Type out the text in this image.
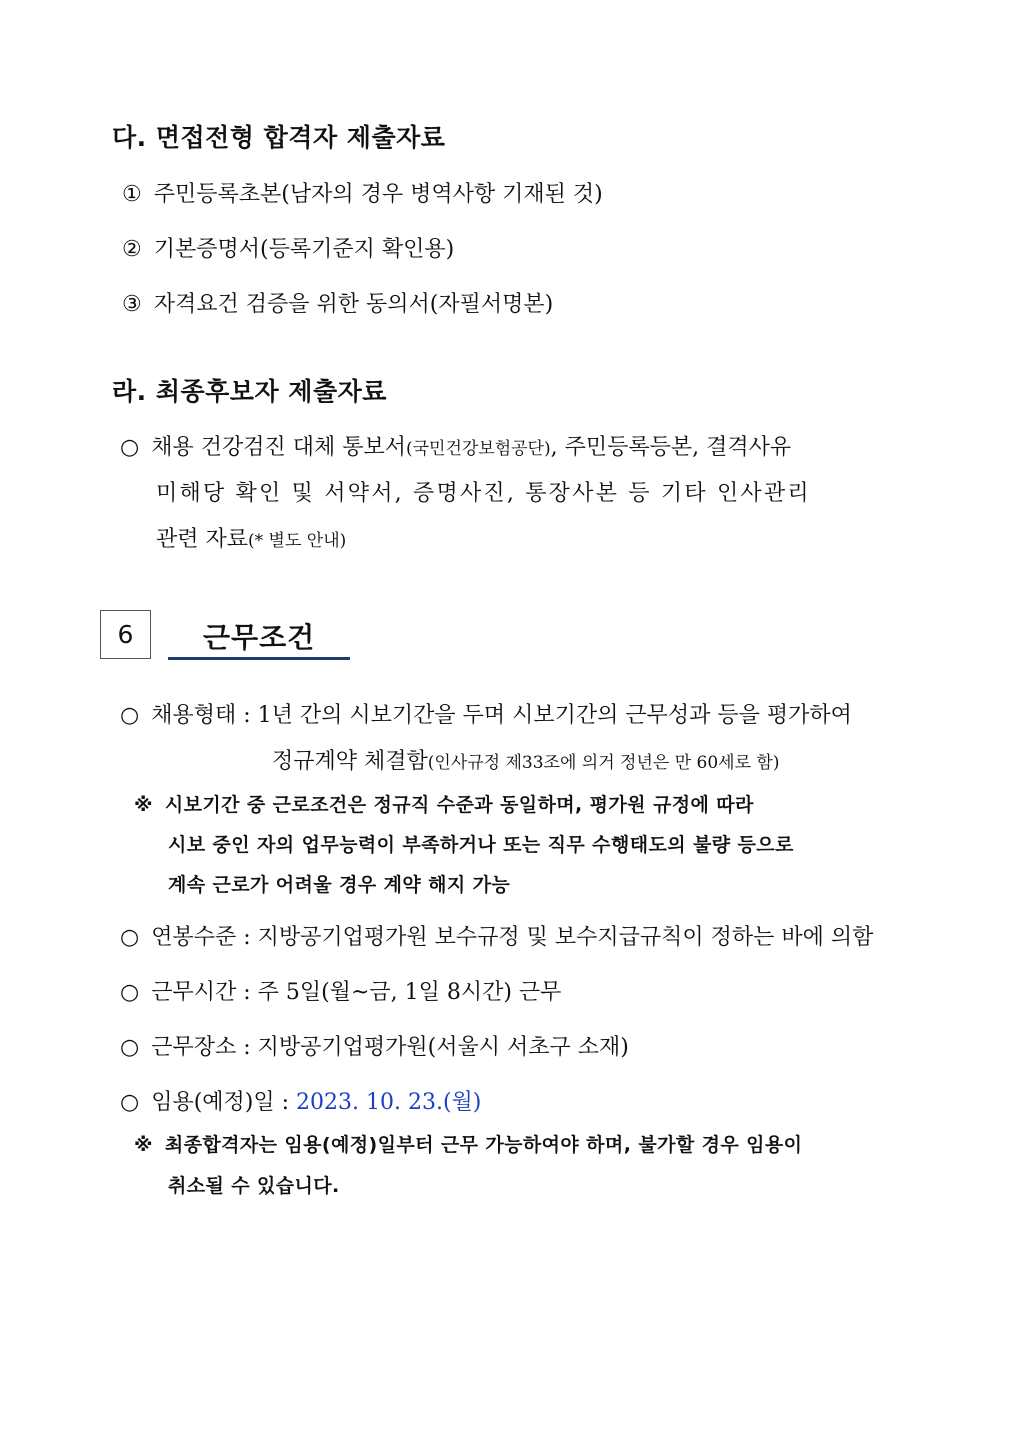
다. 면접전형 합격자 제출자료
① 주민등록초본(남자의 경우 병역사항 기재된 것)
② 기본증명서(등록기준지 확인용)
③ 자격요건 검증을 위한 동의서(자필서명본)
라. 최종후보자 제출자료
○ 채용 건강검진 대체 통보서(국민건강보험공단), 주민등록등본, 결격사유
미해당 확인 및 서약서, 증명사진, 통장사본 등 기타 인사관리
관련 자료(* 별도 안내)
6	근무조건
○ 채용형태 : 1년 간의 시보기간을 두며 시보기간의 근무성과 등을 평가하여
정규계약 체결함(인사규정 제33조에 의거 정년은 만 60세로 함)
※ 시보기간 중 근로조건은 정규직 수준과 동일하며, 평가원 규정에 따라
시보 중인 자의 업무능력이 부족하거나 또는 직무 수행태도의 불량 등으로
계속 근로가 어려울 경우 계약 해지 가능
○ 연봉수준 : 지방공기업평가원 보수규정 및 보수지급규칙이 정하는 바에 의함
○ 근무시간 : 주 5일(월~금, 1일 8시간) 근무
○ 근무장소 : 지방공기업평가원(서울시 서초구 소재)
○ 임용(예정)일 : 2023. 10. 23.(월)
※ 최종합격자는 임용(예정)일부터 근무 가능하여야 하며, 불가할 경우 임용이
취소될 수 있습니다.
